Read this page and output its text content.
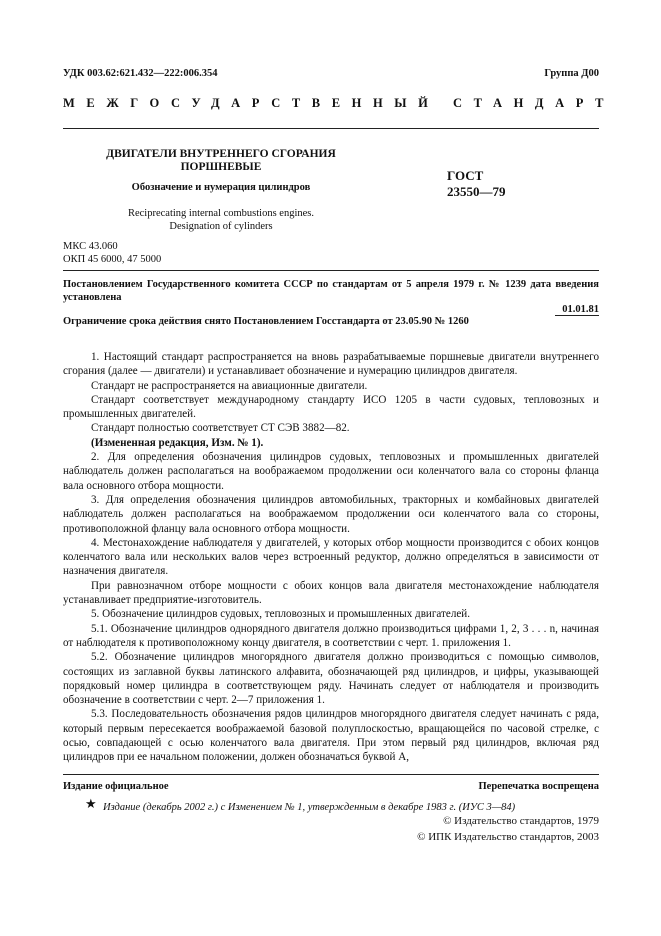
УДК 003.62:621.432—222:006.354	Группа Д00
МЕЖГОСУДАРСТВЕННЫЙ СТАНДАРТ
ДВИГАТЕЛИ ВНУТРЕННЕГО СГОРАНИЯ
ПОРШНЕВЫЕ
Обозначение и нумерация цилиндров
ГОСТ
23550—79
Reciprecating internal combustions engines.
Designation of cylinders
МКС 43.060
ОКП 45 6000, 47 5000
Постановлением Государственного комитета СССР по стандартам от 5 апреля 1979 г. № 1239 дата введения установлена
01.01.81
Ограничение срока действия снято Постановлением Госстандарта от 23.05.90 № 1260

1. Настоящий стандарт распространяется на вновь разрабатываемые поршневые двигатели внутреннего сгорания (далее — двигатели) и устанавливает обозначение и нумерацию цилиндров двигателя.

Стандарт не распространяется на авиационные двигатели.

Стандарт соответствует международному стандарту ИСО 1205 в части судовых, тепловозных и промышленных двигателей.

Стандарт полностью соответствует СТ СЭВ 3882—82.

(Измененная редакция, Изм. № 1).

2. Для определения обозначения цилиндров судовых, тепловозных и промышленных двигателей наблюдатель должен располагаться на воображаемом продолжении оси коленчатого вала со стороны фланца вала основного отбора мощности.

3. Для определения обозначения цилиндров автомобильных, тракторных и комбайновых двигателей наблюдатель должен располагаться на воображаемом продолжении оси коленчатого вала со стороны, противоположной фланцу вала основного отбора мощности.

4. Местонахождение наблюдателя у двигателей, у которых отбор мощности производится с обоих концов коленчатого вала или нескольких валов через встроенный редуктор, должно определяться в зависимости от назначения двигателя.

При равнозначном отборе мощности с обоих концов вала двигателя местонахождение наблюдателя устанавливает предприятие-изготовитель.

5. Обозначение цилиндров судовых, тепловозных и промышленных двигателей.

5.1. Обозначение цилиндров однорядного двигателя должно производиться цифрами 1, 2, 3 . . . n, начиная от наблюдателя к противоположному концу двигателя, в соответствии с черт. 1. приложения 1.

5.2. Обозначение цилиндров многорядного двигателя должно производиться с помощью символов, состоящих из заглавной буквы латинского алфавита, обозначающей ряд цилиндров, и цифры, указывающей порядковый номер цилиндра в соответствующем ряду. Начинать следует от наблюдателя и производить обозначение в соответствии с черт. 2—7 приложения 1.

5.3. Последовательность обозначения рядов цилиндров многорядного двигателя следует начинать с ряда, который первым пересекается воображаемой базовой полуплоскостью, вращающейся по часовой стрелке, с осью, совпадающей с осью коленчатого вала двигателя. При этом первый ряд цилиндров, включая ряд цилиндров при ее начальном положении, должен обозначаться буквой А,

Издание официальное	Перепечатка воспрещена
★ Издание (декабрь 2002 г.) с Изменением № 1, утвержденным в декабре 1983 г. (ИУС 3—84)
© Издательство стандартов, 1979
© ИПК Издательство стандартов, 2003
